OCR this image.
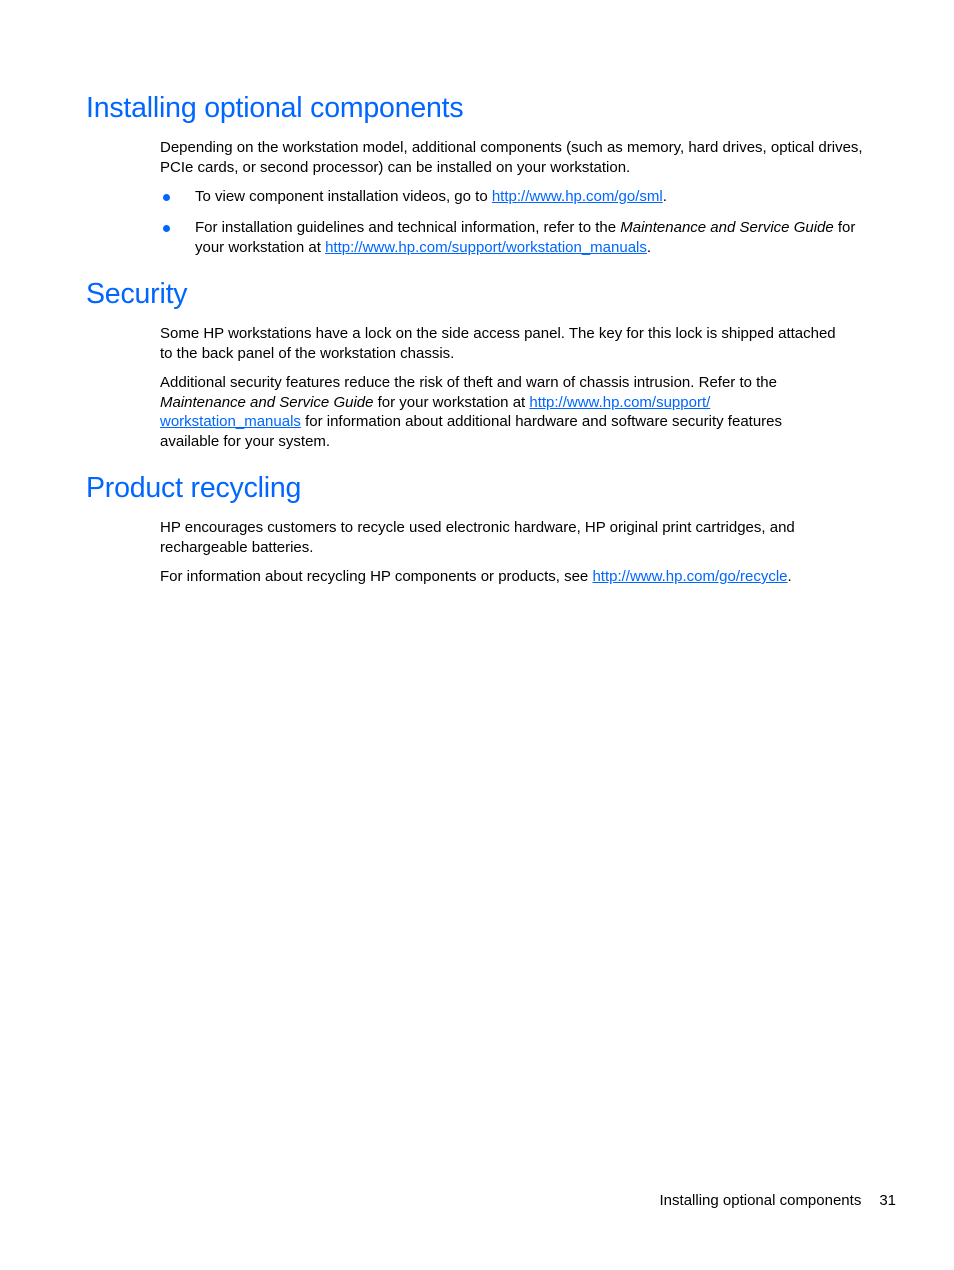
Installing optional components

Depending on the workstation model, additional components (such as memory, hard drives, optical drives, PCIe cards, or second processor) can be installed on your workstation.

To view component installation videos, go to http://www.hp.com/go/sml.
For installation guidelines and technical information, refer to the Maintenance and Service Guide for your workstation at http://www.hp.com/support/workstation_manuals.
Security

Some HP workstations have a lock on the side access panel. The key for this lock is shipped attached to the back panel of the workstation chassis.

Additional security features reduce the risk of theft and warn of chassis intrusion. Refer to the Maintenance and Service Guide for your workstation at http://www.hp.com/support/
workstation_manuals for information about additional hardware and software security features available for your system.

Product recycling

HP encourages customers to recycle used electronic hardware, HP original print cartridges, and rechargeable batteries.

For information about recycling HP components or products, see http://www.hp.com/go/recycle.

Installing optional components 31
